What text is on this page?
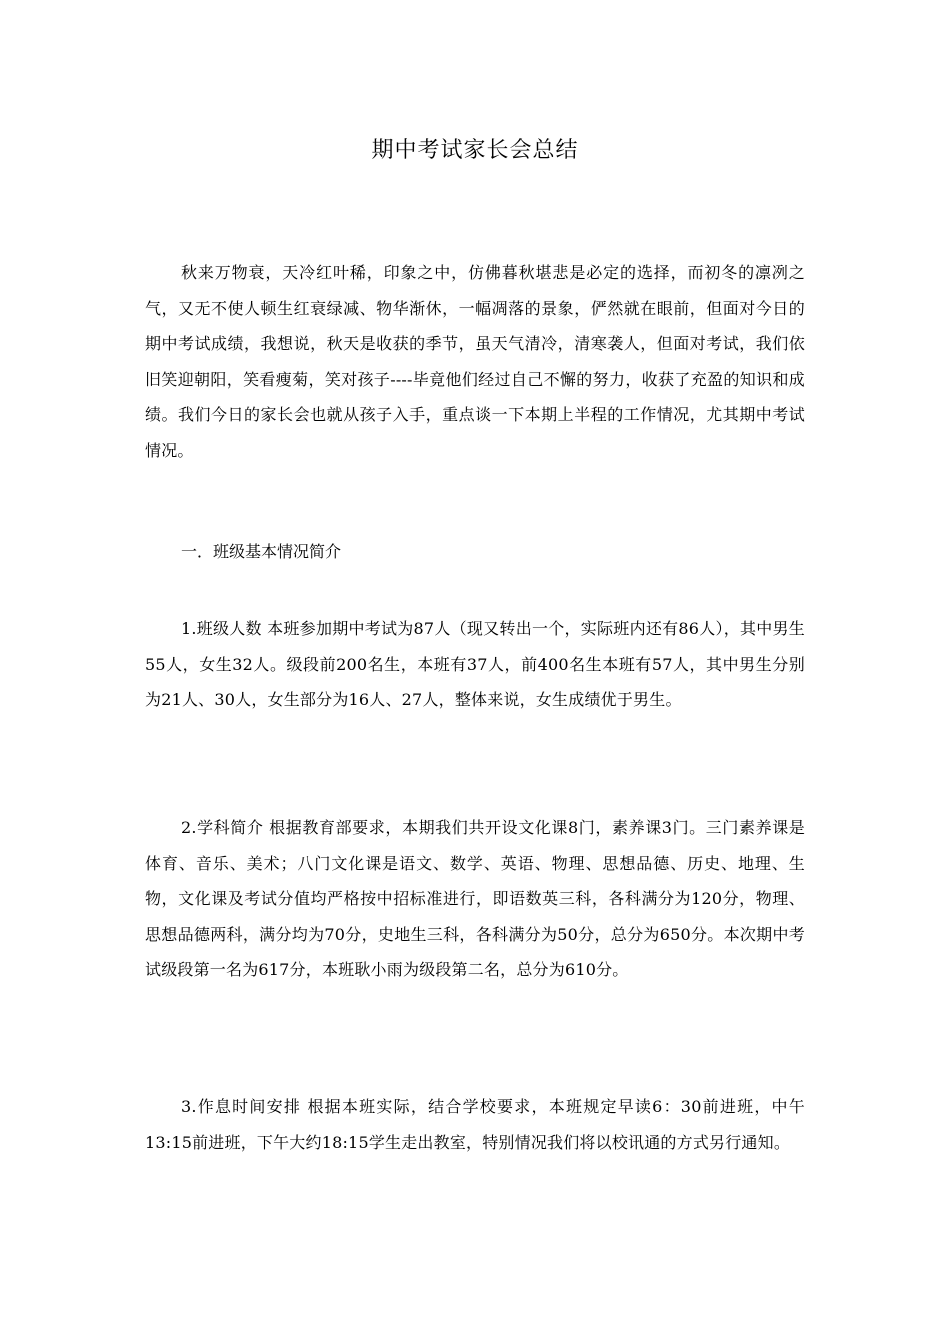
期中考试家长会总结

秋来万物衰，天冷红叶稀，印象之中，仿佛暮秋堪悲是必定的选择，而初冬的凛冽之气，又无不使人顿生红衰绿减、物华渐休，一幅凋落的景象，俨然就在眼前，但面对今日的期中考试成绩，我想说，秋天是收获的季节，虽天气清冷，清寒袭人，但面对考试，我们依旧笑迎朝阳，笑看瘦菊，笑对孩子----毕竟他们经过自己不懈的努力，收获了充盈的知识和成绩。我们今日的家长会也就从孩子入手，重点谈一下本期上半程的工作情况，尤其期中考试情况。

一．班级基本情况简介

1.班级人数 本班参加期中考试为87人（现又转出一个，实际班内还有86人），其中男生55人，女生32人。级段前200名生，本班有37人，前400名生本班有57人，其中男生分别为21人、30人，女生部分为16人、27人，整体来说，女生成绩优于男生。

2.学科简介 根据教育部要求，本期我们共开设文化课8门，素养课3门。三门素养课是体育、音乐、美术；八门文化课是语文、数学、英语、物理、思想品德、历史、地理、生物，文化课及考试分值均严格按中招标准进行，即语数英三科，各科满分为120分，物理、思想品德两科，满分均为70分，史地生三科，各科满分为50分，总分为650分。本次期中考试级段第一名为617分，本班耿小雨为级段第二名，总分为610分。

3.作息时间安排 根据本班实际，结合学校要求，本班规定早读6：30前进班，中午13:15前进班，下午大约18:15学生走出教室，特别情况我们将以校讯通的方式另行通知。
